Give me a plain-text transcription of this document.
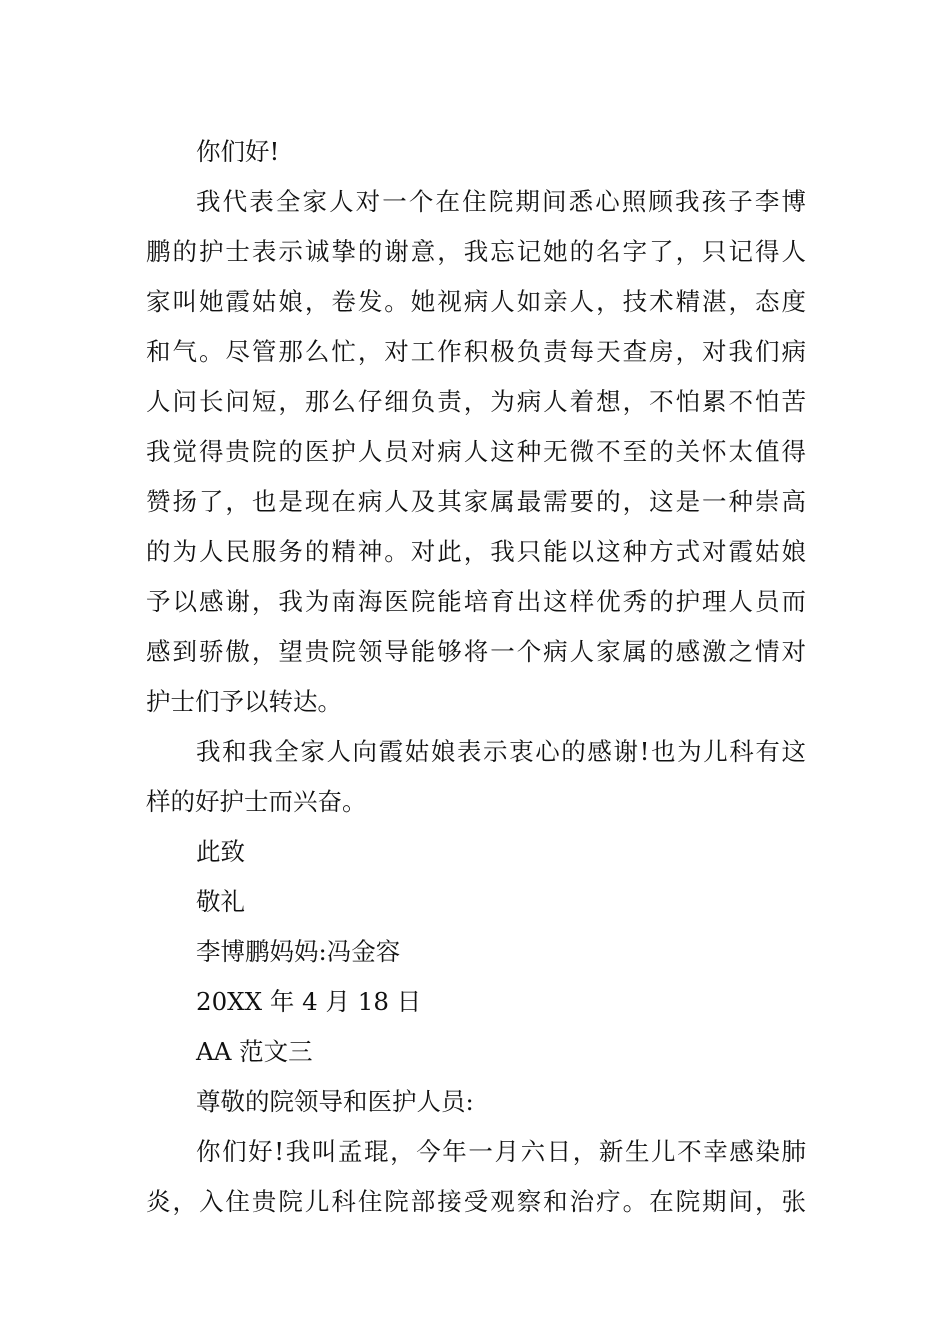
你们好!
我代表全家人对一个在住院期间悉心照顾我孩子李博
鹏的护士表示诚挚的谢意，我忘记她的名字了，只记得人
家叫她霞姑娘，卷发。她视病人如亲人，技术精湛，态度
和气。尽管那么忙，对工作积极负责每天查房，对我们病
人问长问短，那么仔细负责，为病人着想，不怕累不怕苦
我觉得贵院的医护人员对病人这种无微不至的关怀太值得
赞扬了，也是现在病人及其家属最需要的，这是一种崇高
的为人民服务的精神。对此，我只能以这种方式对霞姑娘
予以感谢，我为南海医院能培育出这样优秀的护理人员而
感到骄傲，望贵院领导能够将一个病人家属的感激之情对
护士们予以转达。
我和我全家人向霞姑娘表示衷心的感谢!也为儿科有这
样的好护士而兴奋。
此致
敬礼
李博鹏妈妈:冯金容
20XX 年 4 月 18 日
AA 范文三
尊敬的院领导和医护人员:
你们好!我叫孟琨，今年一月六日，新生儿不幸感染肺
炎，入住贵院儿科住院部接受观察和治疗。在院期间，张
